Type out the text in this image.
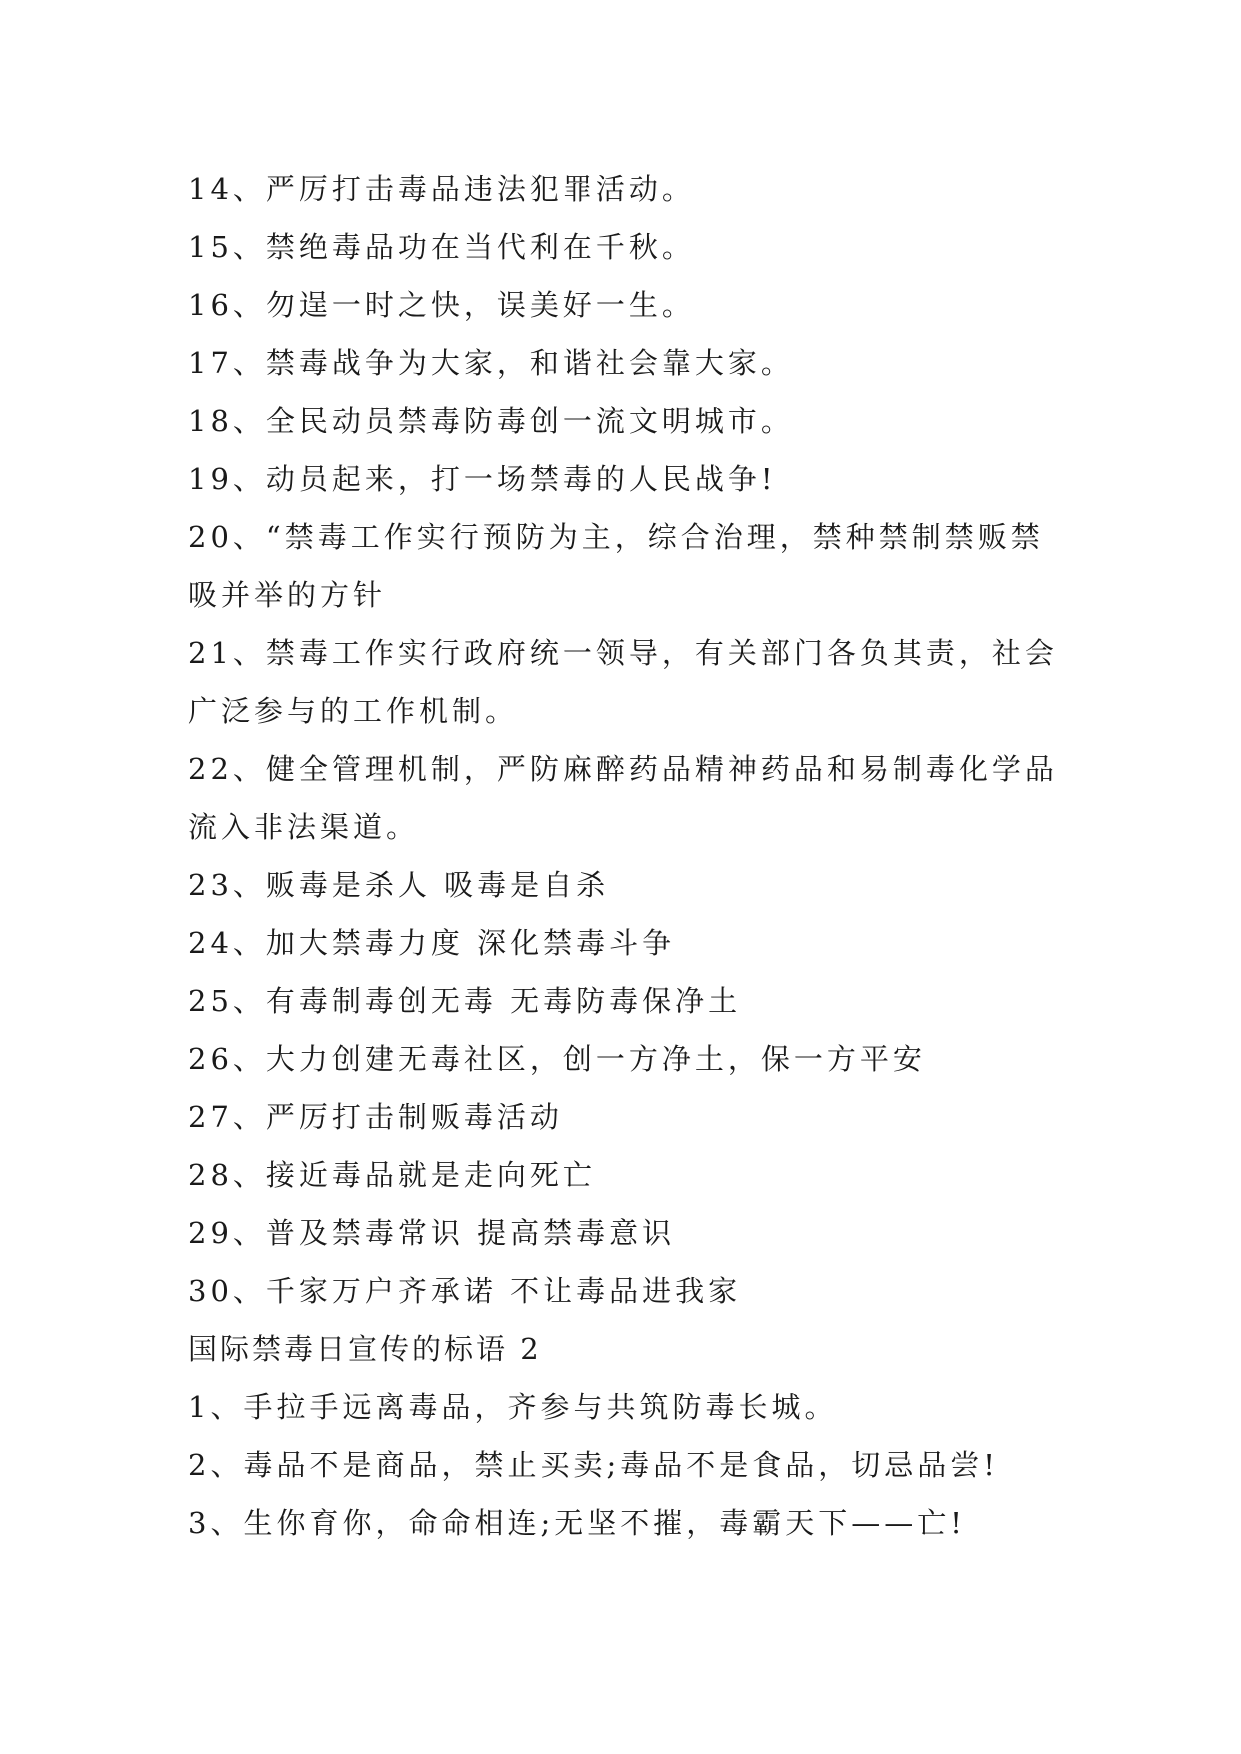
14、严厉打击毒品违法犯罪活动。

15、禁绝毒品功在当代利在千秋。

16、勿逞一时之快，误美好一生。

17、禁毒战争为大家，和谐社会靠大家。

18、全民动员禁毒防毒创一流文明城市。

19、动员起来，打一场禁毒的人民战争!

20、“禁毒工作实行预防为主，综合治理，禁种禁制禁贩禁

吸并举的方针

21、禁毒工作实行政府统一领导，有关部门各负其责，社会

广泛参与的工作机制。

22、健全管理机制，严防麻醉药品精神药品和易制毒化学品

流入非法渠道。

23、贩毒是杀人 吸毒是自杀

24、加大禁毒力度 深化禁毒斗争

25、有毒制毒创无毒 无毒防毒保净土

26、大力创建无毒社区，创一方净土，保一方平安

27、严厉打击制贩毒活动

28、接近毒品就是走向死亡

29、普及禁毒常识 提高禁毒意识

30、千家万户齐承诺 不让毒品进我家

国际禁毒日宣传的标语 2

1、手拉手远离毒品，齐参与共筑防毒长城。

2、毒品不是商品，禁止买卖;毒品不是食品，切忌品尝!

3、生你育你，命命相连;无坚不摧，毒霸天下——亡!
